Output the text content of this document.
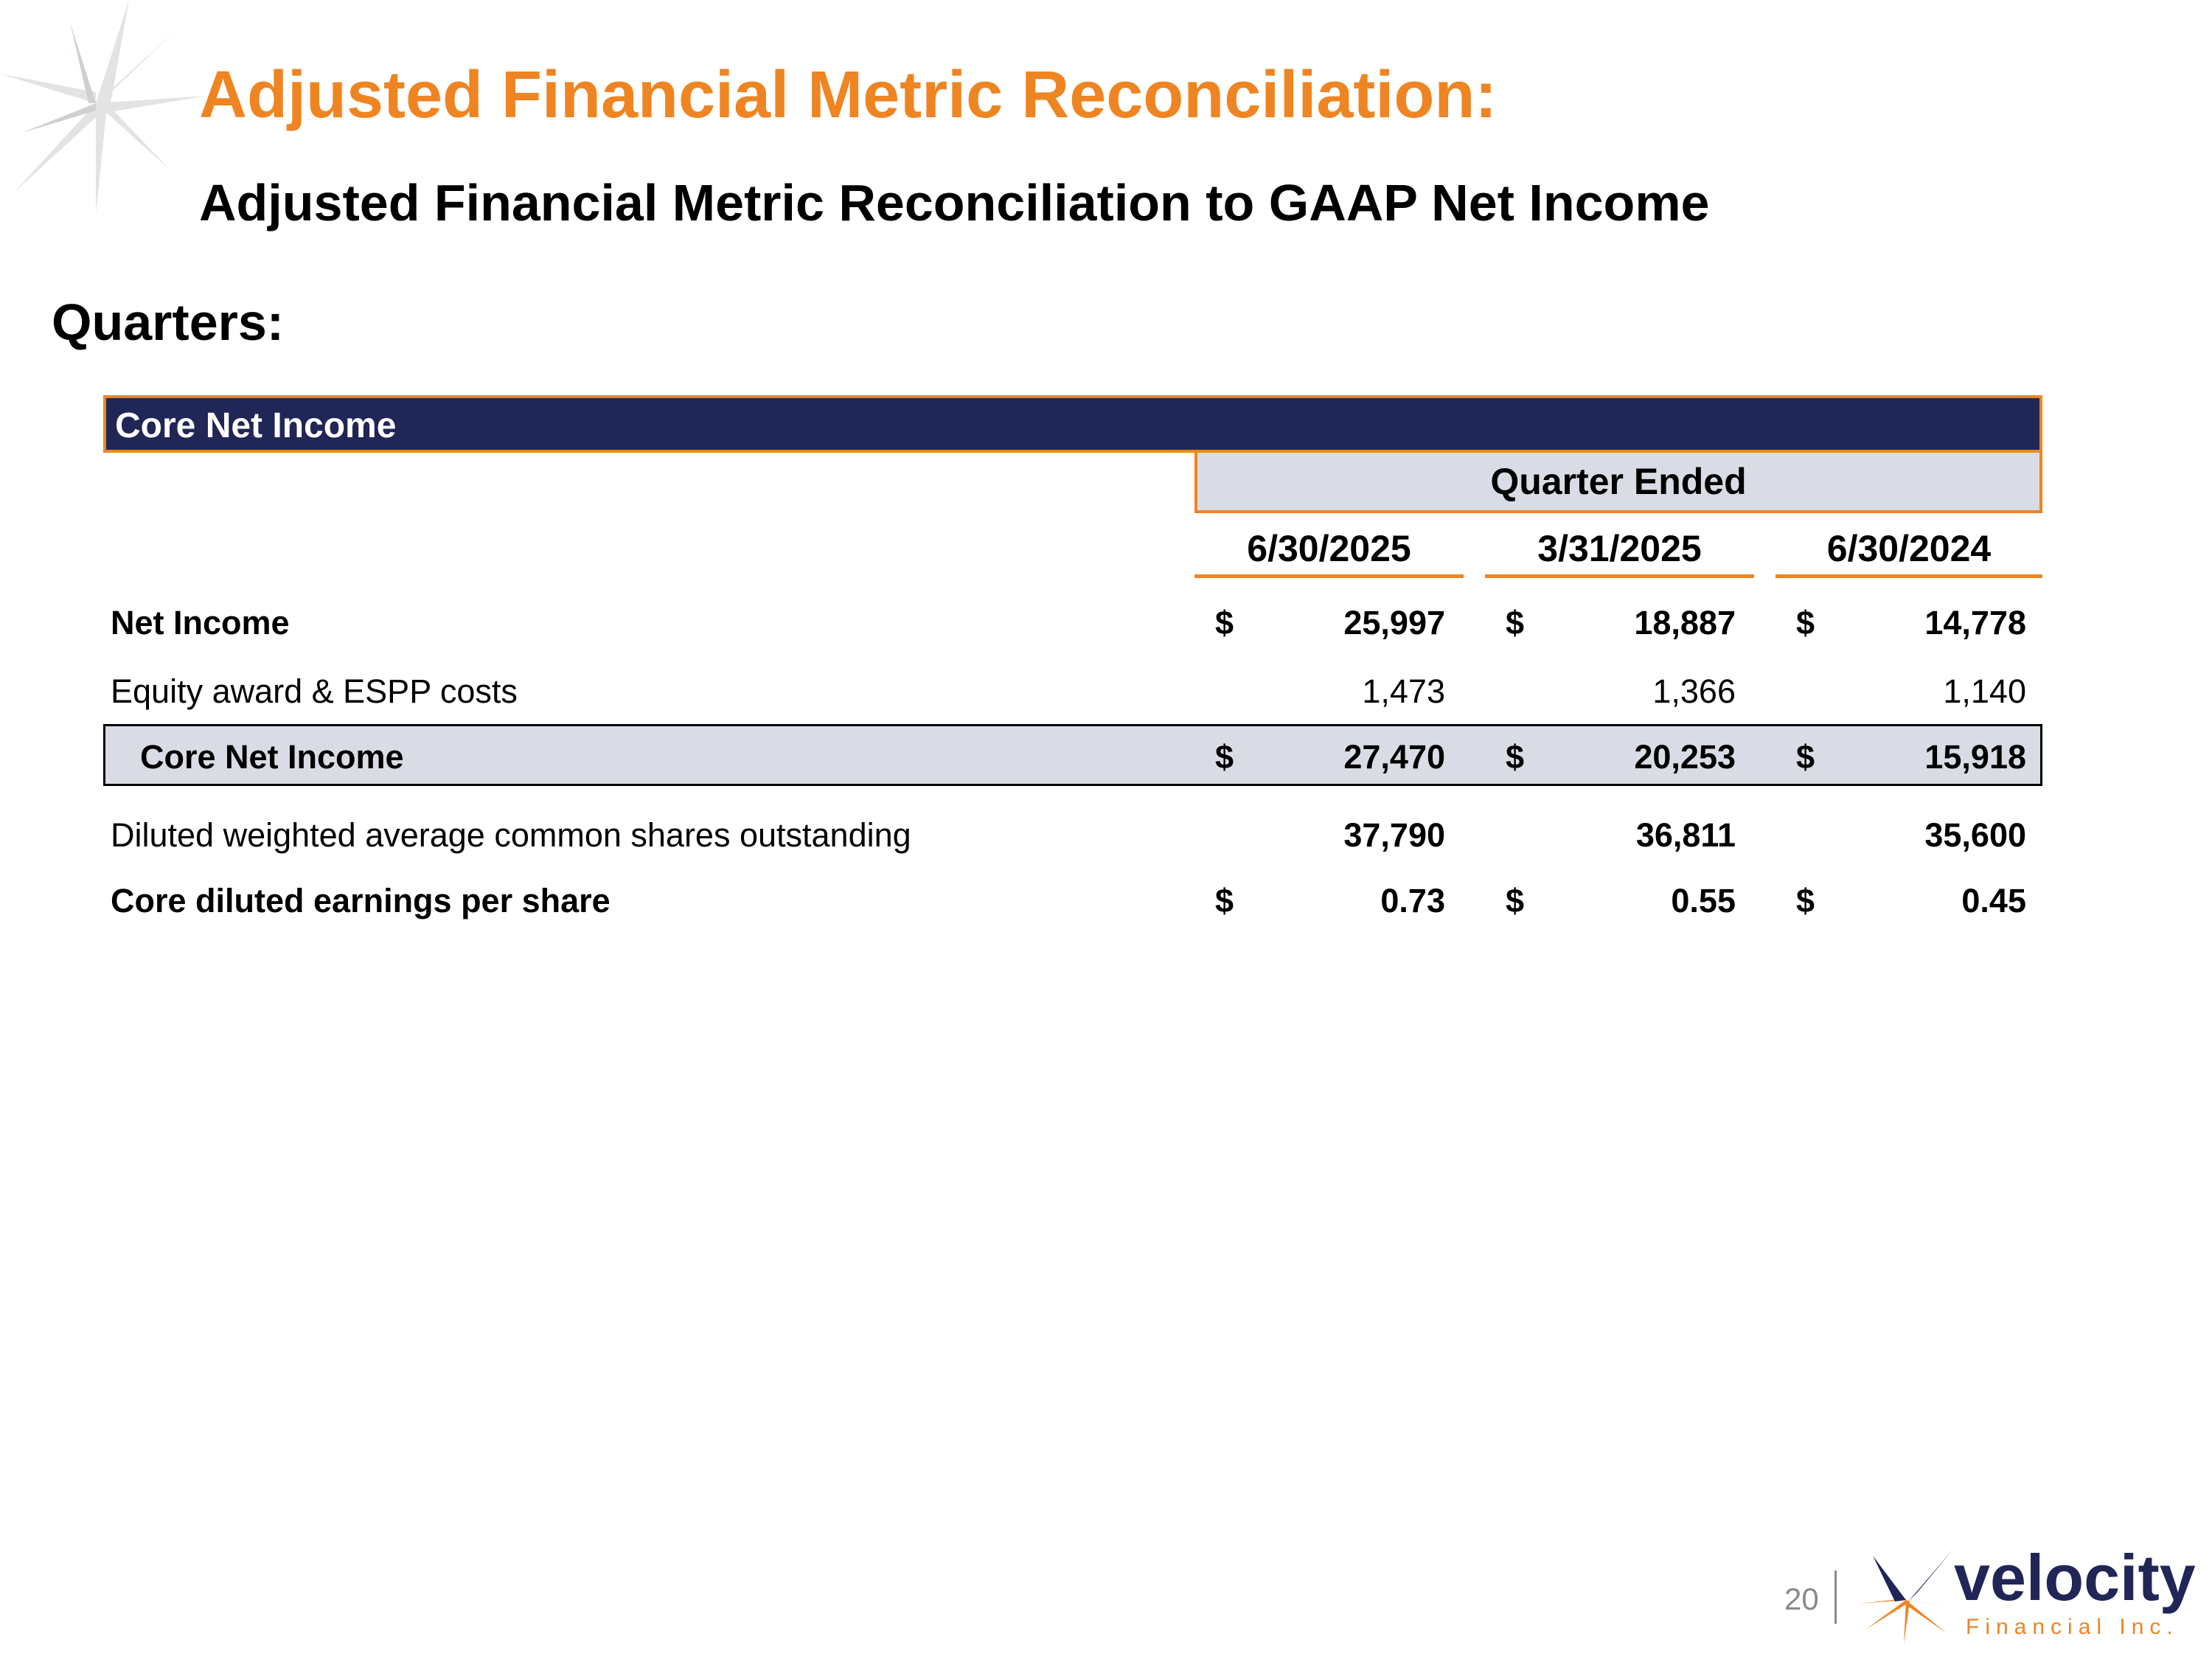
Adjusted Financial Metric Reconciliation:
Adjusted Financial Metric Reconciliation to GAAP Net Income
Quarters:
Core Net Income
Quarter Ended
6/30/2025	3/31/2025	6/30/2024
Net Income	$	25,997 $	18,887 $	14,778
Equity award & ESPP costs	1,473	1,366	1,140
Core Net Income	$	27,470 $	20,253 $	15,918
Diluted weighted average common shares outstanding	37,790	36,811	35,600
Core diluted earnings per share	$	0.73 $	0.55 $	0.45
20 velocity
Financial Inc.
